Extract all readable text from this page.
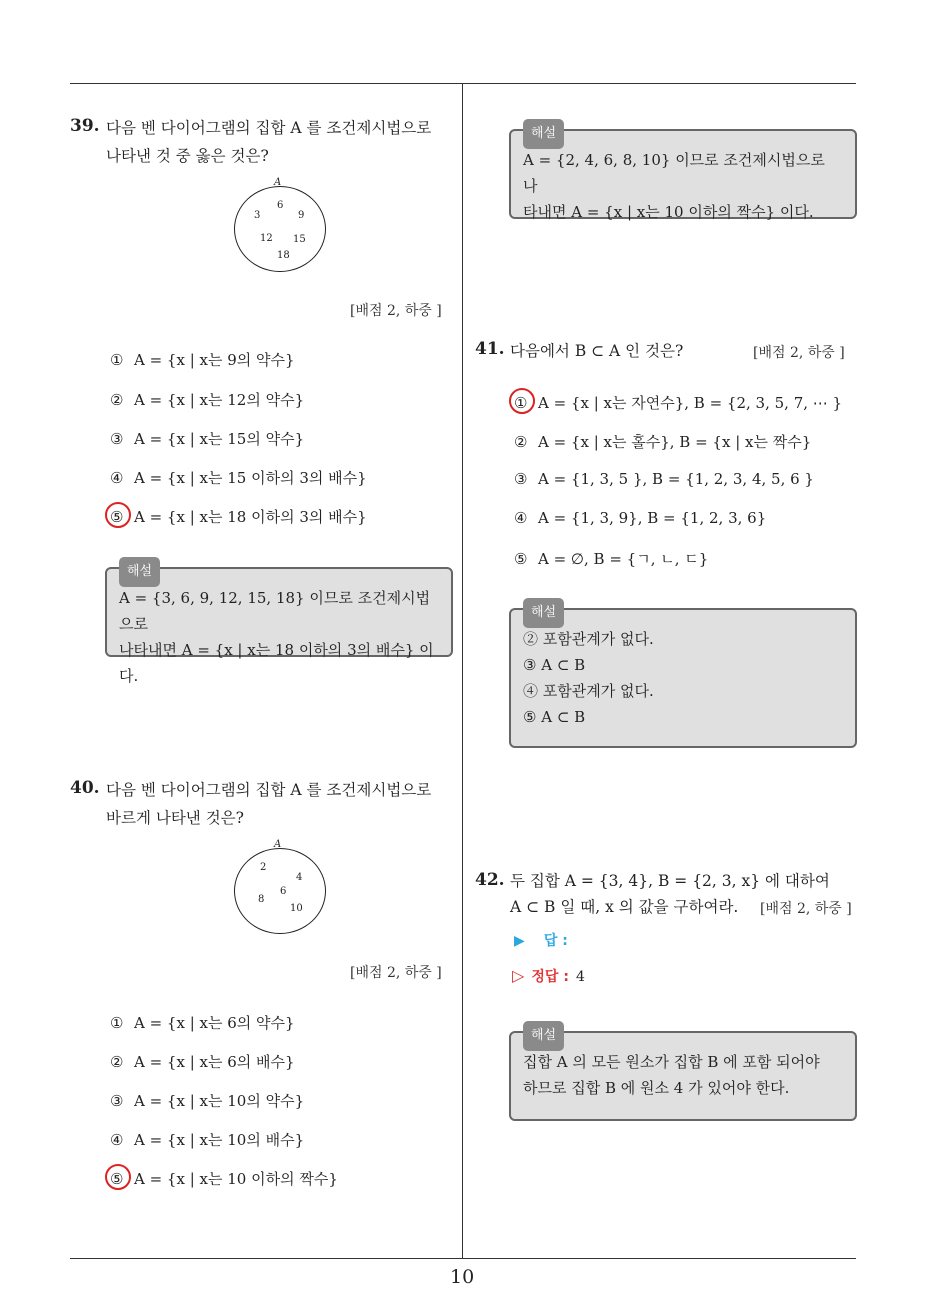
10
39. 다음 벤 다이어그램의 집합 A 를 조건제시법으로
나타낸 것 중 옳은 것은?
A
6
3	9
12 15
18
[배점 2, 하중 ]
① A = {x | x는 9의 약수}
② A = {x | x는 12의 약수}
③ A = {x | x는 15의 약수}
④ A = {x | x는 15 이하의 3의 배수}
⑤ A = {x | x는 18 이하의 3의 배수}
해설
A = {3, 6, 9, 12, 15, 18} 이므로 조건제시법으로
나타내면 A = {x | x는 18 이하의 3의 배수} 이다.
40. 다음 벤 다이어그램의 집합 A 를 조건제시법으로
바르게 나타낸 것은?
A
2
4
6
8
10
[배점 2, 하중 ]
① A = {x | x는 6의 약수}
② A = {x | x는 6의 배수}
③ A = {x | x는 10의 약수}
④ A = {x | x는 10의 배수}
⑤ A = {x | x는 10 이하의 짝수}
해설
A = {2, 4, 6, 8, 10} 이므로 조건제시법으로 나
타내면 A = {x | x는 10 이하의 짝수} 이다.
41. 다음에서 B ⊂ A 인 것은?	[배점 2, 하중 ]
① A = {x | x는 자연수}, B = {2, 3, 5, 7, ⋯ }
② A = {x | x는 홀수}, B = {x | x는 짝수}
③ A = {1, 3, 5 }, B = {1, 2, 3, 4, 5, 6 }
④ A = {1, 3, 9}, B = {1, 2, 3, 6}
⑤ A = ∅, B = {ㄱ, ㄴ, ㄷ}
해설
② 포함관계가 없다.
③ A ⊂ B
④ 포함관계가 없다.
⑤ A ⊂ B
42. 두 집합 A = {3, 4}, B = {2, 3, x} 에 대하여
A ⊂ B 일 때, x 의 값을 구하여라. [배점 2, 하중 ]
▶ 답 :
▷ 정답 : 4
해설
집합 A 의 모든 원소가 집합 B 에 포함 되어야
하므로 집합 B 에 원소 4 가 있어야 한다.
